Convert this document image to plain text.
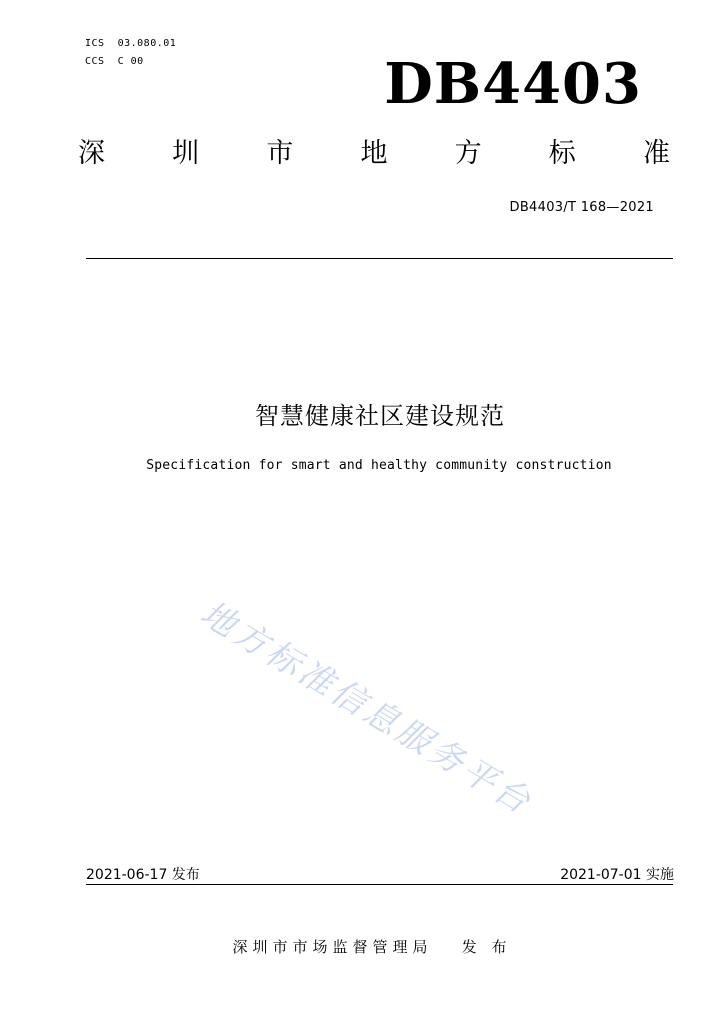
ICS  03.080.01
CCS  C 00	DB4403
深 圳 市 地 方 标 准
DB4403/T 168—2021
智慧健康社区建设规范
Specification for smart and healthy community construction
地方标准信息服务平台
2021-06-17 发布	2021-07-01 实施
深圳市市场监督管理局   发 布
